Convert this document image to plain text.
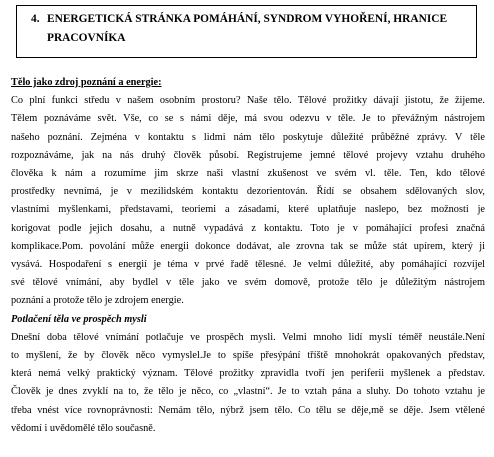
4. ENERGETICKÁ STRÁNKA POMÁHÁNÍ, SYNDROM VYHOŘENÍ, HRANICE
PRACOVNÍKA

Tělo jako zdroj poznání a energie:
Co plní funkci středu v našem osobním prostoru? Naše tělo. Tělové prožitky dávají jistotu, že žijeme.
Tělem poznáváme svět. Vše, co se s námi děje, má svou odezvu v těle. Je to převážným nástrojem
našeho poznání. Zejména v kontaktu s lidmi nám tělo poskytuje důležité průběžné zprávy. V těle
rozpoznáváme, jak na nás druhý člověk působí. Registrujeme jemné tělové projevy vztahu druhého
člověka k nám a rozumíme jim skrze naši vlastní zkušenost ve svém vl. těle. Ten, kdo tělové
prostředky nevnímá, je v mezilidském kontaktu dezorientován. Řídí se obsahem sdělovaných slov,
vlastními myšlenkami, představami, teoriemi a zásadami, které uplatňuje naslepo, bez možnosti je
korigovat podle jejich dosahu, a nutně vypadává z kontaktu. Toto je v pomáhající profesi značná
komplikace.Pom. povolání může energii dokonce dodávat, ale zrovna tak se může stát upírem, který ji
vysává. Hospodaření s energií je téma v prvé řadě tělesné. Je velmi důležité, aby pomáhající rozvíjel
své tělové vnímání, aby bydlel v těle jako ve svém domově, protože tělo je důležitým nástrojem
poznání a protože tělo je zdrojem energie.
Potlačení těla ve prospěch mysli
Dnešní doba tělové vnímání potlačuje ve prospěch mysli. Velmi mnoho lidí myslí téměř neustále.Není
to myšlení, že by člověk něco vymyslel.Je to spíše přesýpání tříště mnohokrát opakovaných představ,
která nemá velký praktický význam. Tělové prožitky zpravidla tvoří jen periferii myšlenek a představ.
Člověk je dnes zvyklí na to, že tělo je něco, co „vlastní“. Je to vztah pána a sluhy. Do tohoto vztahu je
třeba vnést více rovnoprávnosti: Nemám tělo, nýbrž jsem tělo. Co tělu se děje,mě se děje. Jsem vtělené
vědomí i uvědomělé tělo současně.
